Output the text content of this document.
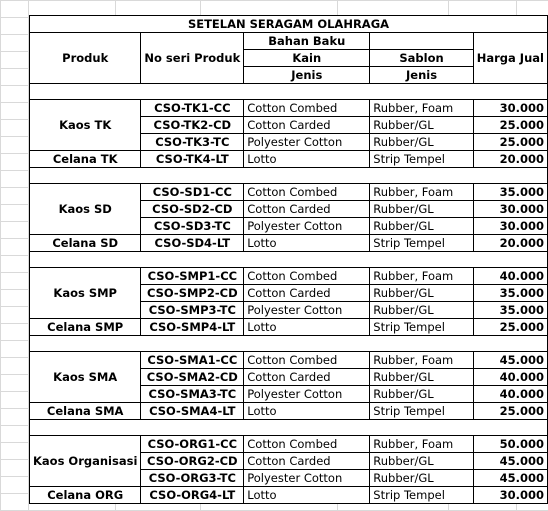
SETELAN SERAGAM OLAHRAGA				
Produk	No seri Produk	Bahan Baku		Harga Jual
		Kain	Sablon	
		Jenis	Jenis	

Kaos TK	CSO-TK1-CC	Cotton Combed	Rubber, Foam	30.000
	CSO-TK2-CD	Cotton Carded	Rubber/GL	25.000
	CSO-TK3-TC	Polyester Cotton	Rubber/GL	25.000
Celana TK	CSO-TK4-LT	Lotto	Strip Tempel	20.000

Kaos SD	CSO-SD1-CC	Cotton Combed	Rubber, Foam	35.000
	CSO-SD2-CD	Cotton Carded	Rubber/GL	30.000
	CSO-SD3-TC	Polyester Cotton	Rubber/GL	30.000
Celana SD	CSO-SD4-LT	Lotto	Strip Tempel	20.000

Kaos SMP	CSO-SMP1-CC	Cotton Combed	Rubber, Foam	40.000
	CSO-SMP2-CD	Cotton Carded	Rubber/GL	35.000
	CSO-SMP3-TC	Polyester Cotton	Rubber/GL	35.000
Celana SMP	CSO-SMP4-LT	Lotto	Strip Tempel	25.000

Kaos SMA	CSO-SMA1-CC	Cotton Combed	Rubber, Foam	45.000
	CSO-SMA2-CD	Cotton Carded	Rubber/GL	40.000
	CSO-SMA3-TC	Polyester Cotton	Rubber/GL	40.000
Celana SMA	CSO-SMA4-LT	Lotto	Strip Tempel	25.000

Kaos Organisasi	CSO-ORG1-CC	Cotton Combed	Rubber, Foam	50.000
	CSO-ORG2-CD	Cotton Carded	Rubber/GL	45.000
	CSO-ORG3-TC	Polyester Cotton	Rubber/GL	45.000
Celana ORG	CSO-ORG4-LT	Lotto	Strip Tempel	30.000
